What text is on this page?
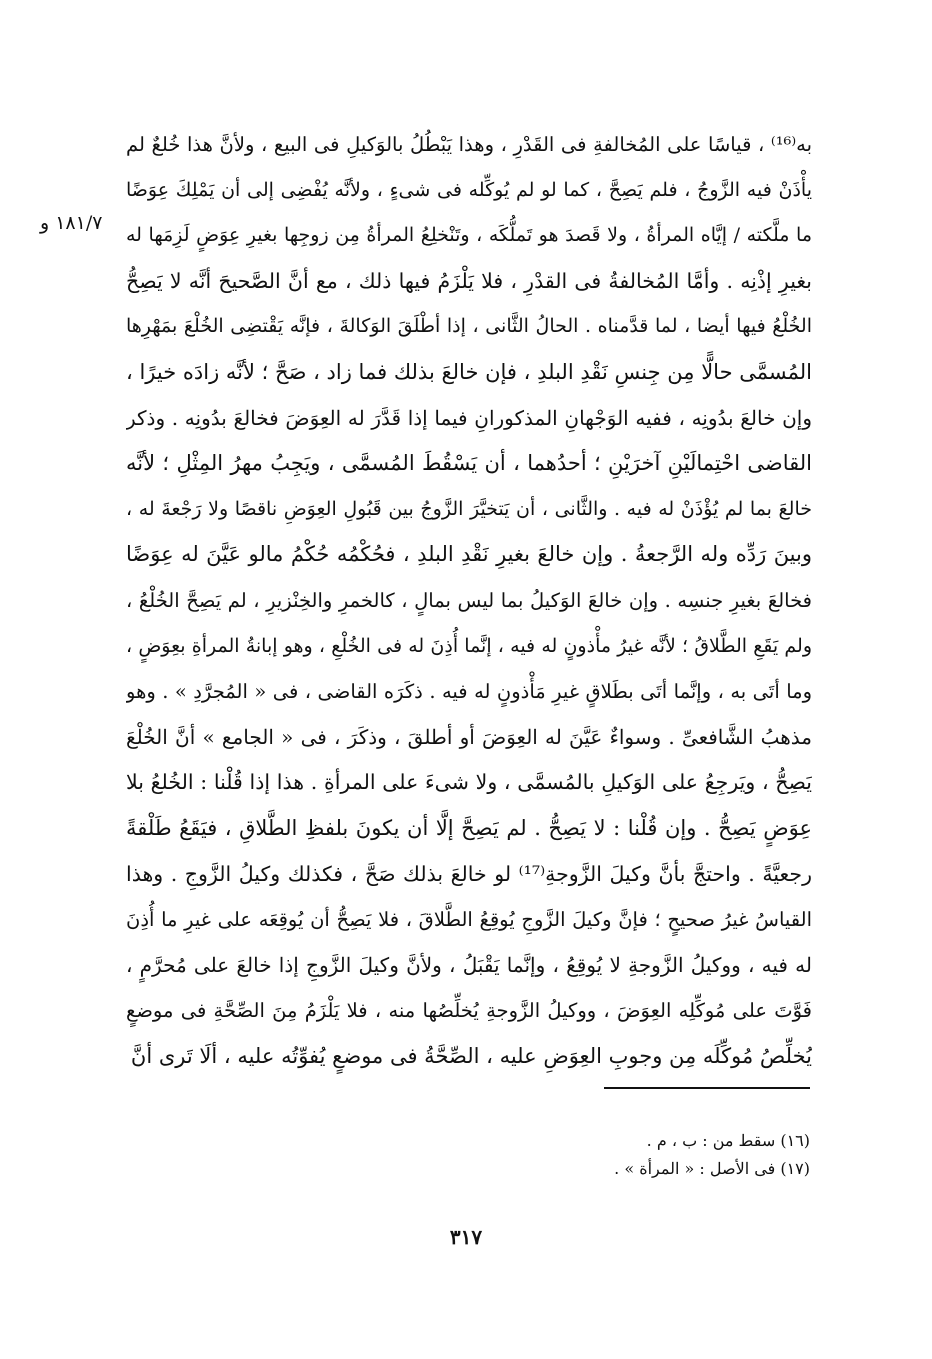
١٨١/٧ و
به⁽¹⁶⁾ ، قياسًا على المُخالفةِ فى القَدْرِ ، وهذا يَبْطُلُ بالوَكيلِ فى البيع ، ولأنَّ هذا خُلعٌ لم
يأْذَنْ فيه الزَّوجُ ، فلم يَصِحَّ ، كما لو لم يُوكِّله فى شىءٍ ، ولأنَّه يُفْضِى إلى أن يَمْلِكَ عِوَضًا
ما ملَّكته / إيَّاه المرأةُ ، ولا قَصدَ هو تَملُّكَه ، وتَنْخلِعُ المرأةُ مِن زوجِها بغيرِ عِوَضٍ لَزِمَها له
بغيرِ إذْنِه . وأمَّا المُخالفةُ فى القدْرِ ، فلا يَلْزَمُ فيها ذلك ، مع أنَّ الصَّحيحَ أنَّه لا يَصِحُّ
الخُلْعُ فيها أيضا ، لما قدَّمناه . الحالُ الثَّانى ، إذا أطْلَقَ الوَكالةَ ، فإنَّه يَقْتضِى الخُلْعَ بمَهْرِها
المُسمَّى حالًّا مِن جِنسِ نَقْدِ البلدِ ، فإن خالعَ بذلك فما زاد ، صَحَّ ؛ لأنَّه زادَه خيرًا ،
وإن خالعَ بدُونِه ، ففيه الوَجْهانِ المذكورانِ فيما إذا قَدَّرَ له العِوَضَ فخالعَ بدُونِه . وذكر
القاضى احْتِمالَيْنِ آخرَيْنِ ؛ أحدُهما ، أن يَسْقُطَ المُسمَّى ، ويَجِبُ مهرُ المِثْلِ ؛ لأنَّه
خالعَ بما لم يُؤْذَنْ له فيه . والثَّانى ، أن يَتخيَّرَ الزَّوجُ بين قَبُولِ العِوَضِ ناقصًا ولا رَجْعةَ له ،
وبينَ رَدِّه وله الرَّجعةُ . وإن خالعَ بغيرِ نَقْدِ البلدِ ، فحُكْمُه حُكْمُ مالو عَيَّنَ له عِوَضًا
فخالعَ بغيرِ جنسِه . وإن خالعَ الوَكيلُ بما ليس بمالٍ ، كالخمرِ والخِنْزيرِ ، لم يَصِحَّ الخُلْعُ ،
ولم يَقَعِ الطَّلاقُ ؛ لأنَّه غيرُ مأْذونٍ له فيه ، إنَّما أُذِنَ له فى الخُلْعِ ، وهو إبانةُ المرأةِ بعِوَضٍ ،
وما أتَى به ، وإنَّما أتَى بطَلاقٍ غيرِ مَأْذونٍ له فيه . ذكَرَه القاضى ، فى « المُجرَّدِ » . وهو
مذهبُ الشَّافعىِّ . وسواءٌ عَيَّنَ له العِوَضَ أو أطلقَ ، وذكَرَ ، فى « الجامع » أنَّ الخُلْعَ
يَصِحُّ ، ويَرجِعُ على الوَكيلِ بالمُسمَّى ، ولا شىءَ على المرأةِ . هذا إذا قُلْنا : الخُلعُ بلا
عِوَضٍ يَصِحُّ . وإن قُلْنا : لا يَصِحُّ . لم يَصِحَّ إلَّا أن يكونَ بلفظِ الطَّلاقِ ، فيَقَعُ طَلْقةً
رجعيَّةً . واحتجَّ بأنَّ وكيلَ الزَّوجةِ⁽¹⁷⁾ لو خالعَ بذلك صَحَّ ، فكذلك وكيلُ الزَّوجِ . وهذا
القياسُ غيرُ صحيحٍ ؛ فإنَّ وكيلَ الزَّوجِ يُوقِعُ الطَّلاقَ ، فلا يَصِحُّ أن يُوقِعَه على غيرِ ما أُذِنَ
له فيه ، ووكيلُ الزَّوجةِ لا يُوقِعُ ، وإنَّما يَقْبَلُ ، ولأنَّ وكيلَ الزَّوجِ إذا خالعَ على مُحرَّمٍ ،
فَوَّتَ على مُوكِّلِه العِوَضَ ، ووكيلُ الزَّوجةِ يُخلِّصُها منه ، فلا يَلْزَمُ مِنَ الصِّحَّةِ فى موضعٍ
يُخلِّصُ مُوكِّلَه مِن وجوبِ العِوَضِ عليه ، الصِّحَّةُ فى موضعٍ يُفوِّتُه عليه ، ألَا تَرى أنَّ
(١٦) سقط من : ب ، م .
(١٧) فى الأصل : « المرأة » .
٣١٧
